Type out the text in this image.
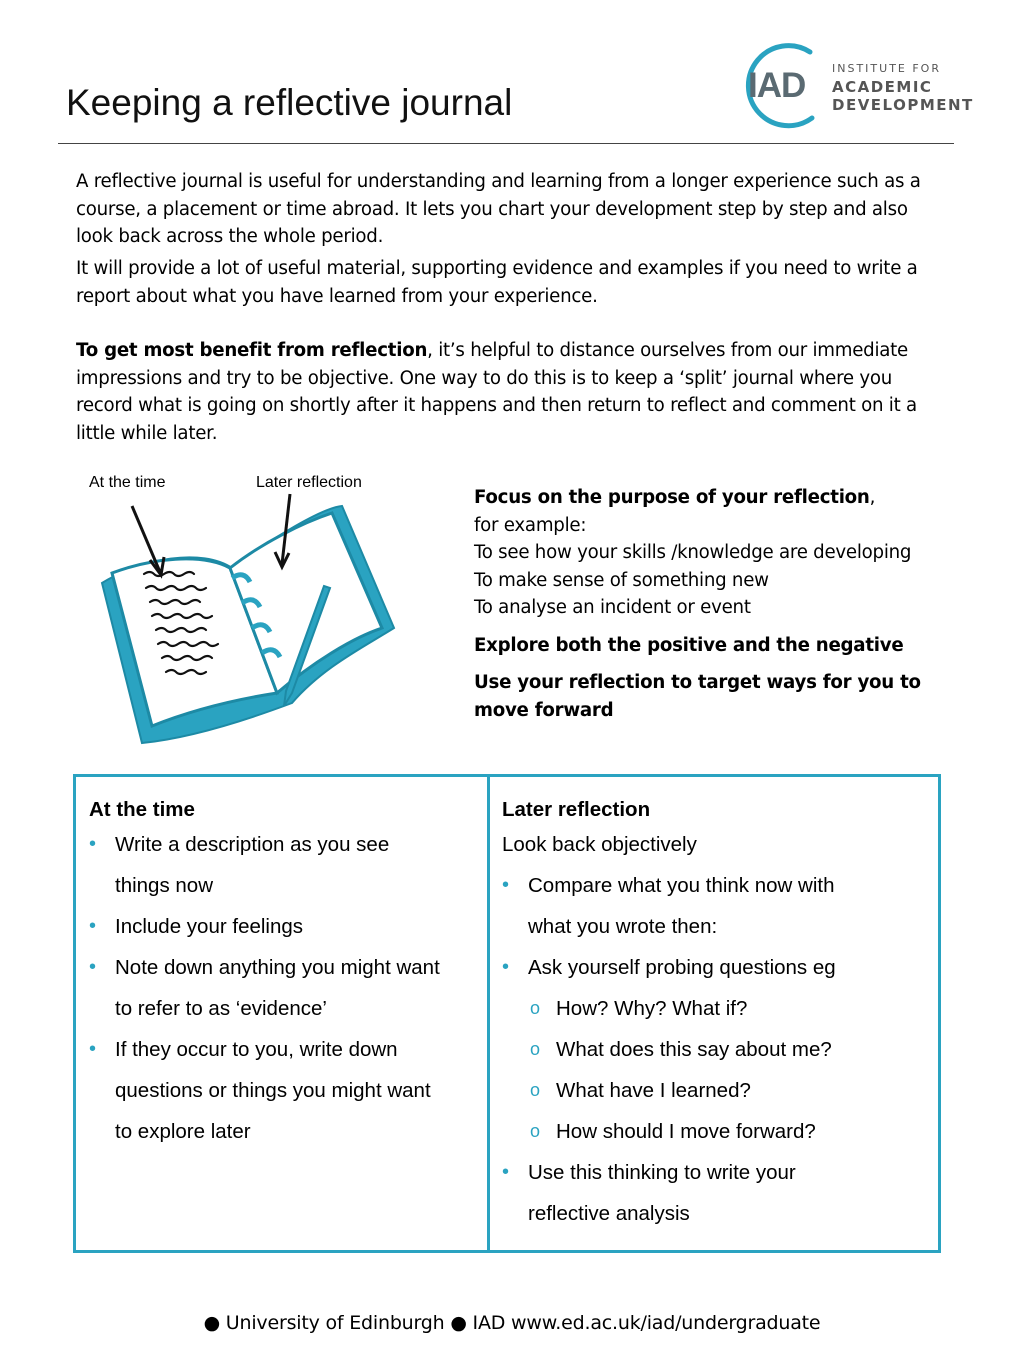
Keeping a reflective journal	IAD	INSTITUTE FOR
ACADEMIC
DEVELOPMENT
A reflective journal is useful for understanding and learning from a longer experience such as a course, a placement or time abroad. It lets you chart your development step by step and also look back across the whole period.
It will provide a lot of useful material, supporting evidence and examples if you need to write a report about what you have learned from your experience.
To get most benefit from reflection, it’s helpful to distance ourselves from our immediate impressions and try to be objective. One way to do this is to keep a ‘split’ journal where you record what is going on shortly after it happens and then return to reflect and comment on it a little while later.
At the time	Later reflection
Focus on the purpose of your reflection,
for example:
To see how your skills /knowledge are developing
To make sense of something new
To analyse an incident or event
Explore both the positive and the negative
Use your reflection to target ways for you to move forward
At the time
• Write a description as you see
things now
• Include your feelings
• Note down anything you might want
to refer to as ‘evidence’
• If they occur to you, write down
questions or things you might want
to explore later
Later reflection
Look back objectively
• Compare what you think now with
what you wrote then:
• Ask yourself probing questions eg
o How? Why? What if?
o What does this say about me?
o What have I learned?
o How should I move forward?
• Use this thinking to write your
reflective analysis
● University of Edinburgh ● IAD www.ed.ac.uk/iad/undergraduate
